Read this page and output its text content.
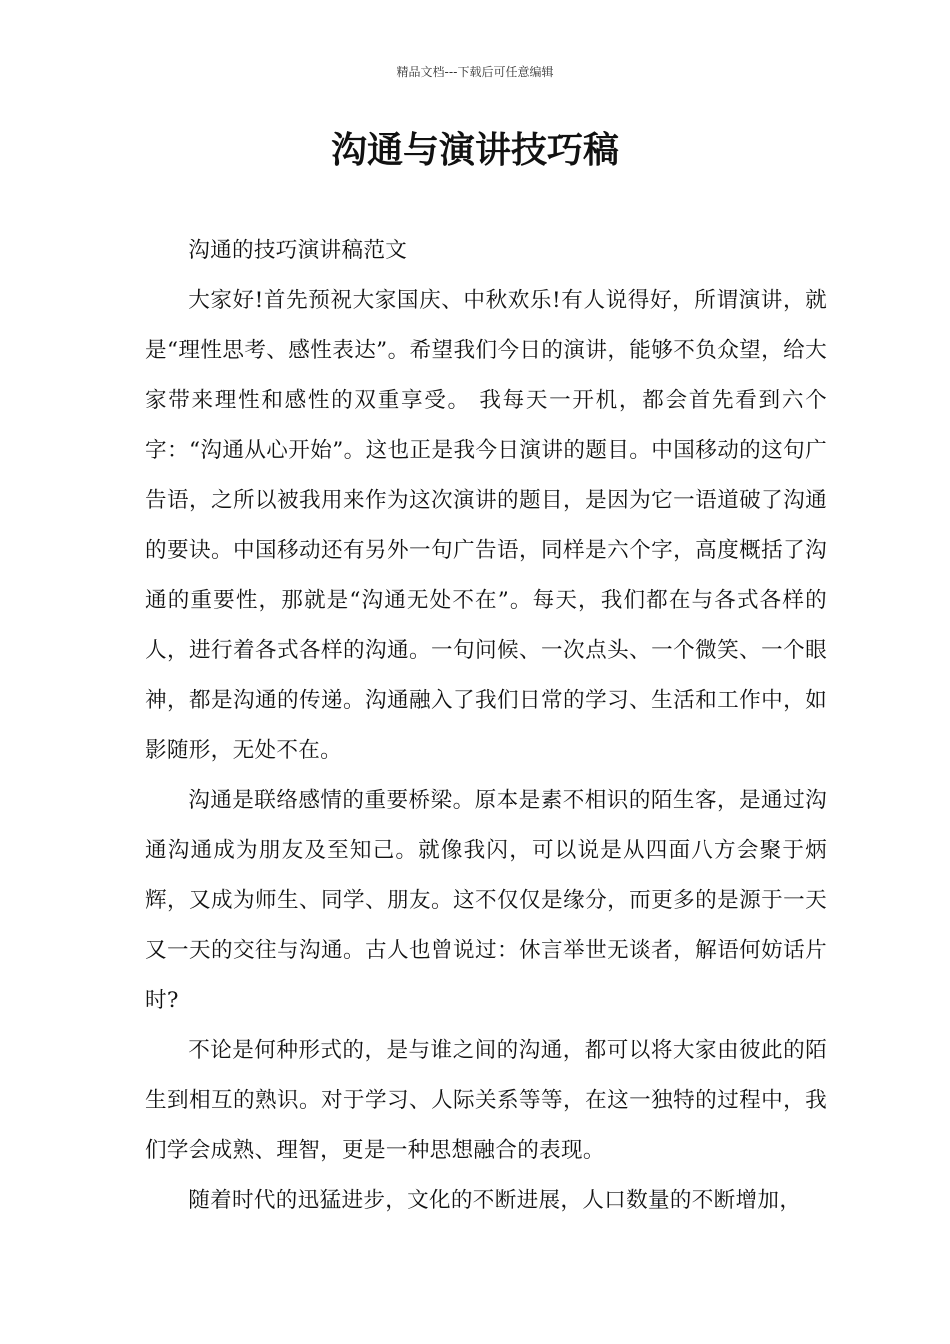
精品文档---下载后可任意编辑
沟通与演讲技巧稿

沟通的技巧演讲稿范文

大家好!首先预祝大家国庆、中秋欢乐!有人说得好，所谓演讲，就是“理性思考、感性表达”。希望我们今日的演讲，能够不负众望，给大家带来理性和感性的双重享受。 我每天一开机，都会首先看到六个字：“沟通从心开始”。这也正是我今日演讲的题目。中国移动的这句广告语，之所以被我用来作为这次演讲的题目，是因为它一语道破了沟通的要诀。中国移动还有另外一句广告语，同样是六个字，高度概括了沟通的重要性，那就是“沟通无处不在”。每天，我们都在与各式各样的人，进行着各式各样的沟通。一句问候、一次点头、一个微笑、一个眼神，都是沟通的传递。沟通融入了我们日常的学习、生活和工作中，如影随形，无处不在。

沟通是联络感情的重要桥梁。原本是素不相识的陌生客，是通过沟通沟通成为朋友及至知己。就像我闪，可以说是从四面八方会聚于炳辉，又成为师生、同学、朋友。这不仅仅是缘分，而更多的是源于一天又一天的交往与沟通。古人也曾说过：休言举世无谈者，解语何妨话片时?

不论是何种形式的，是与谁之间的沟通，都可以将大家由彼此的陌生到相互的熟识。对于学习、人际关系等等，在这一独特的过程中，我们学会成熟、理智，更是一种思想融合的表现。

随着时代的迅猛进步，文化的不断进展，人口数量的不断增加，
